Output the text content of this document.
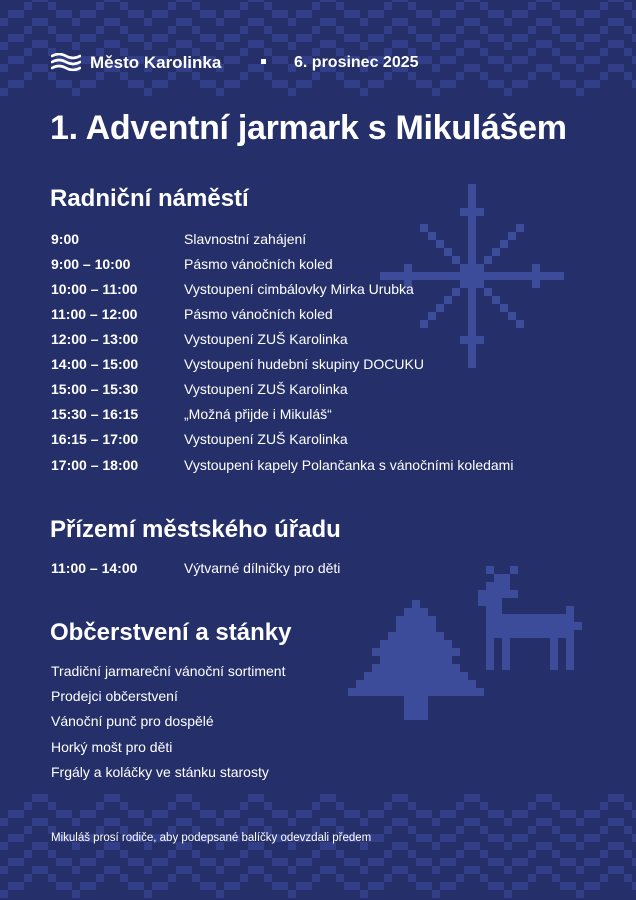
Město Karolinka	6. prosinec 2025
1. Adventní jarmark s Mikulášem
Radniční náměstí
9:00	Slavnostní zahájení
9:00 – 10:00	Pásmo vánočních koled
10:00 – 11:00	Vystoupení cimbálovky Mirka Urubka
11:00 – 12:00	Pásmo vánočních koled
12:00 – 13:00	Vystoupení ZUŠ Karolinka
14:00 – 15:00	Vystoupení hudební skupiny DOCUKU
15:00 – 15:30	Vystoupení ZUŠ Karolinka
15:30 – 16:15	„Možná přijde i Mikuláš“
16:15 – 17:00	Vystoupení ZUŠ Karolinka
17:00 – 18:00	Vystoupení kapely Polančanka s vánočními koledami
Přízemí městského úřadu
11:00 – 14:00	Výtvarné dílničky pro děti
Občerstvení a stánky
Tradiční jarmareční vánoční sortiment
Prodejci občerstvení
Vánoční punč pro dospělé
Horký mošt pro děti
Frgály a koláčky ve stánku starosty
Mikuláš prosí rodiče, aby podepsané balíčky odevzdali předem
